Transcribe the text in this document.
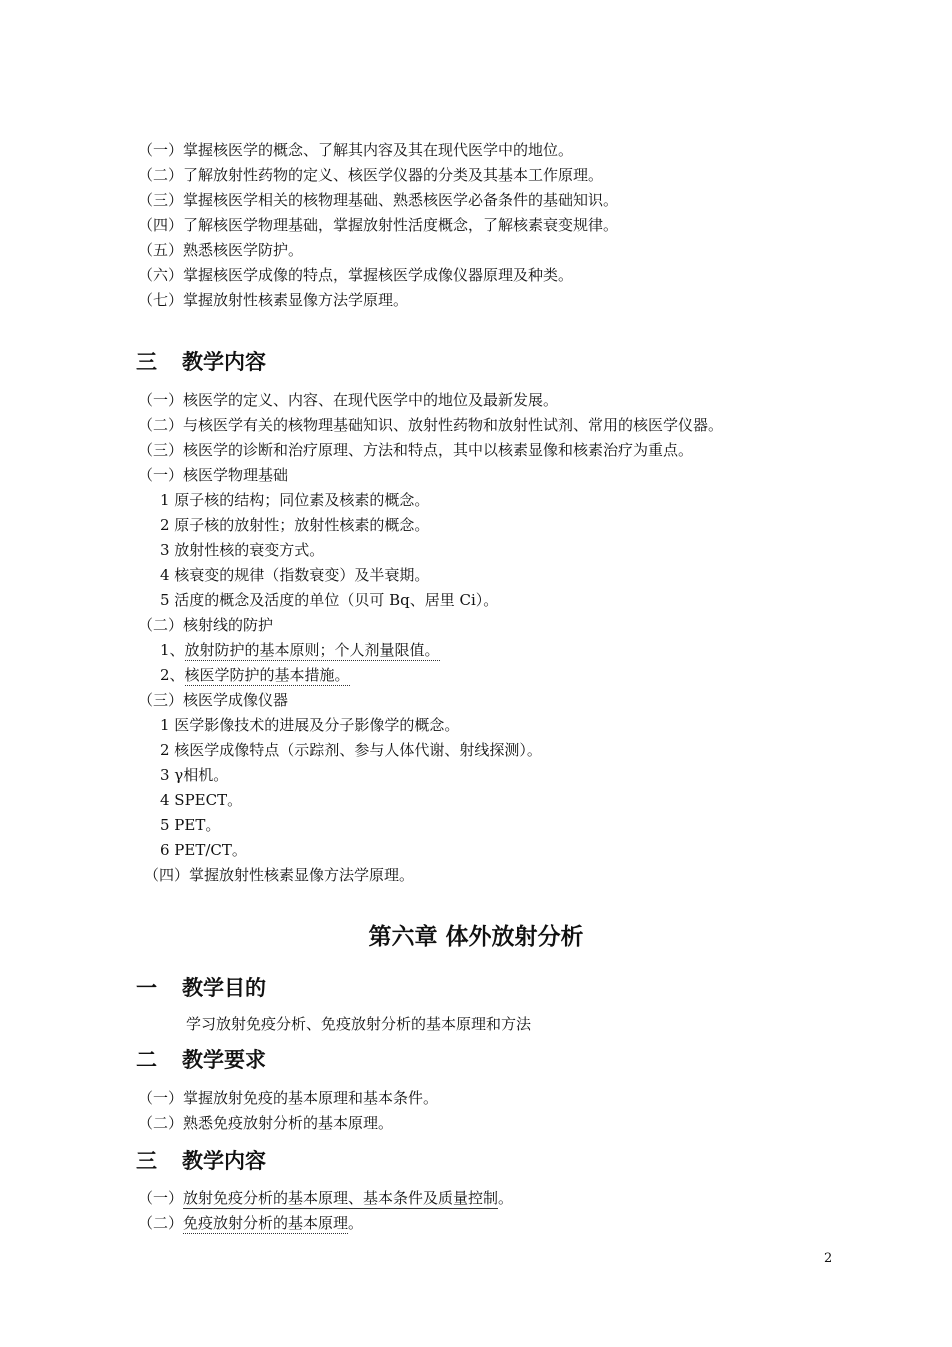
（一）掌握核医学的概念、了解其内容及其在现代医学中的地位。
（二）了解放射性药物的定义、核医学仪器的分类及其基本工作原理。
（三）掌握核医学相关的核物理基础、熟悉核医学必备条件的基础知识。
（四）了解核医学物理基础，掌握放射性活度概念，了解核素衰变规律。
（五）熟悉核医学防护。
（六）掌握核医学成像的特点，掌握核医学成像仪器原理及种类。
（七）掌握放射性核素显像方法学原理。
三 教学内容
（一）核医学的定义、内容、在现代医学中的地位及最新发展。
（二）与核医学有关的核物理基础知识、放射性药物和放射性试剂、常用的核医学仪器。
（三）核医学的诊断和治疗原理、方法和特点，其中以核素显像和核素治疗为重点。
（一）核医学物理基础
1 原子核的结构；同位素及核素的概念。
2 原子核的放射性；放射性核素的概念。
3 放射性核的衰变方式。
4 核衰变的规律（指数衰变）及半衰期。
5 活度的概念及活度的单位（贝可 Bq、居里 Ci）。
（二）核射线的防护
1、放射防护的基本原则；个人剂量限值。
2、核医学防护的基本措施。
（三）核医学成像仪器
1 医学影像技术的进展及分子影像学的概念。
2 核医学成像特点（示踪剂、参与人体代谢、射线探测）。
3 γ相机。
4 SPECT。
5 PET。
6 PET/CT。
（四）掌握放射性核素显像方法学原理。
第六章 体外放射分析
一 教学目的
学习放射免疫分析、免疫放射分析的基本原理和方法
二 教学要求
（一）掌握放射免疫的基本原理和基本条件。
（二）熟悉免疫放射分析的基本原理。
三 教学内容
（一）放射免疫分析的基本原理、基本条件及质量控制。
（二）免疫放射分析的基本原理。
2
